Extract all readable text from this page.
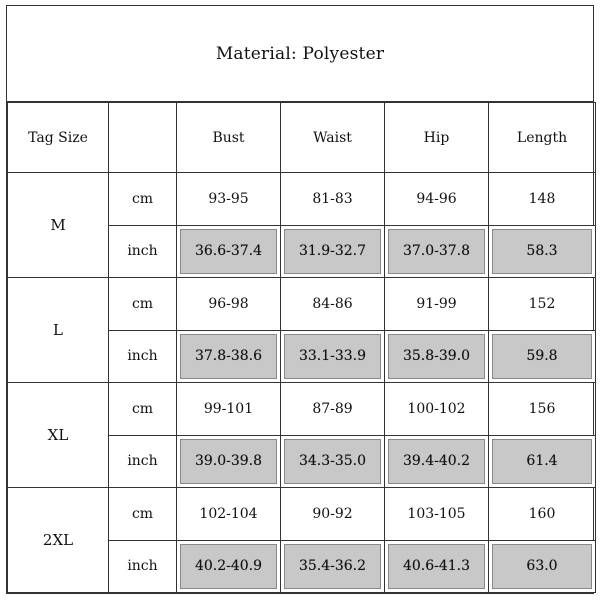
Material: Polyester
Tag Size		Bust	Waist	Hip	Length
M	cm	93-95	81-83	94-96	148
	inch	36.6-37.4	31.9-32.7	37.0-37.8	58.3
L	cm	96-98	84-86	91-99	152
	inch	37.8-38.6	33.1-33.9	35.8-39.0	59.8
XL	cm	99-101	87-89	100-102	156
	inch	39.0-39.8	34.3-35.0	39.4-40.2	61.4
2XL	cm	102-104	90-92	103-105	160
	inch	40.2-40.9	35.4-36.2	40.6-41.3	63.0
